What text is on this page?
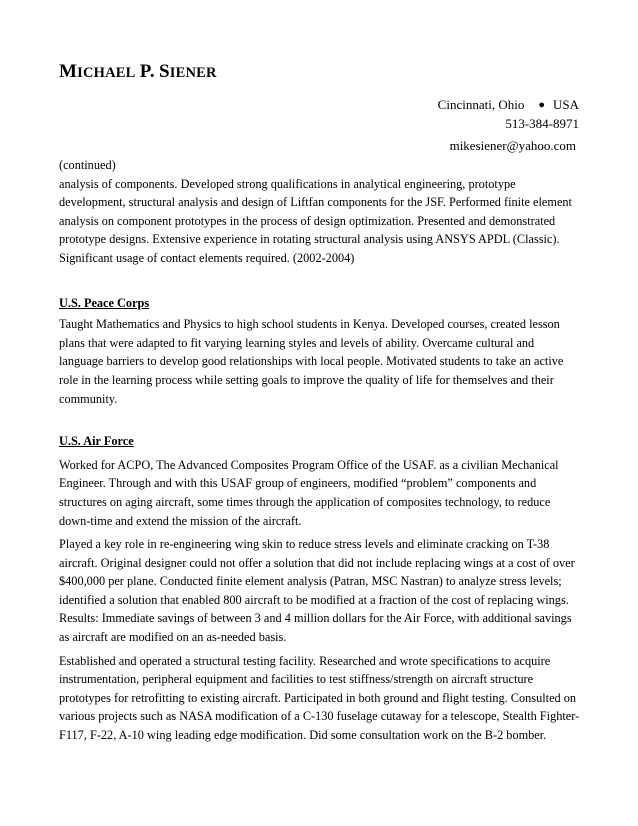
MICHAEL P. SIENER
Cincinnati, Ohio ● USA
513-384-8971
mikesiener@yahoo.com

(continued)

analysis of components. Developed strong qualifications in analytical engineering, prototype development, structural analysis and design of Liftfan components for the JSF. Performed finite element analysis on component prototypes in the process of design optimization. Presented and demonstrated prototype designs. Extensive experience in rotating structural analysis using ANSYS APDL (Classic). Significant usage of contact elements required. (2002-2004)

U.S. Peace Corps

Taught Mathematics and Physics to high school students in Kenya. Developed courses, created lesson plans that were adapted to fit varying learning styles and levels of ability. Overcame cultural and language barriers to develop good relationships with local people. Motivated students to take an active role in the learning process while setting goals to improve the quality of life for themselves and their community.

U.S. Air Force

Worked for ACPO, The Advanced Composites Program Office of the USAF. as a civilian Mechanical Engineer. Through and with this USAF group of engineers, modified “problem” components and structures on aging aircraft, some times through the application of composites technology, to reduce down-time and extend the mission of the aircraft.

Played a key role in re-engineering wing skin to reduce stress levels and eliminate cracking on T-38 aircraft. Original designer could not offer a solution that did not include replacing wings at a cost of over $400,000 per plane. Conducted finite element analysis (Patran, MSC Nastran) to analyze stress levels; identified a solution that enabled 800 aircraft to be modified at a fraction of the cost of replacing wings. Results: Immediate savings of between 3 and 4 million dollars for the Air Force, with additional savings as aircraft are modified on an as-needed basis.

Established and operated a structural testing facility. Researched and wrote specifications to acquire instrumentation, peripheral equipment and facilities to test stiffness/strength on aircraft structure prototypes for retrofitting to existing aircraft. Participated in both ground and flight testing. Consulted on various projects such as NASA modification of a C-130 fuselage cutaway for a telescope, Stealth Fighter-F117, F-22, A-10 wing leading edge modification. Did some consultation work on the B-2 bomber.
